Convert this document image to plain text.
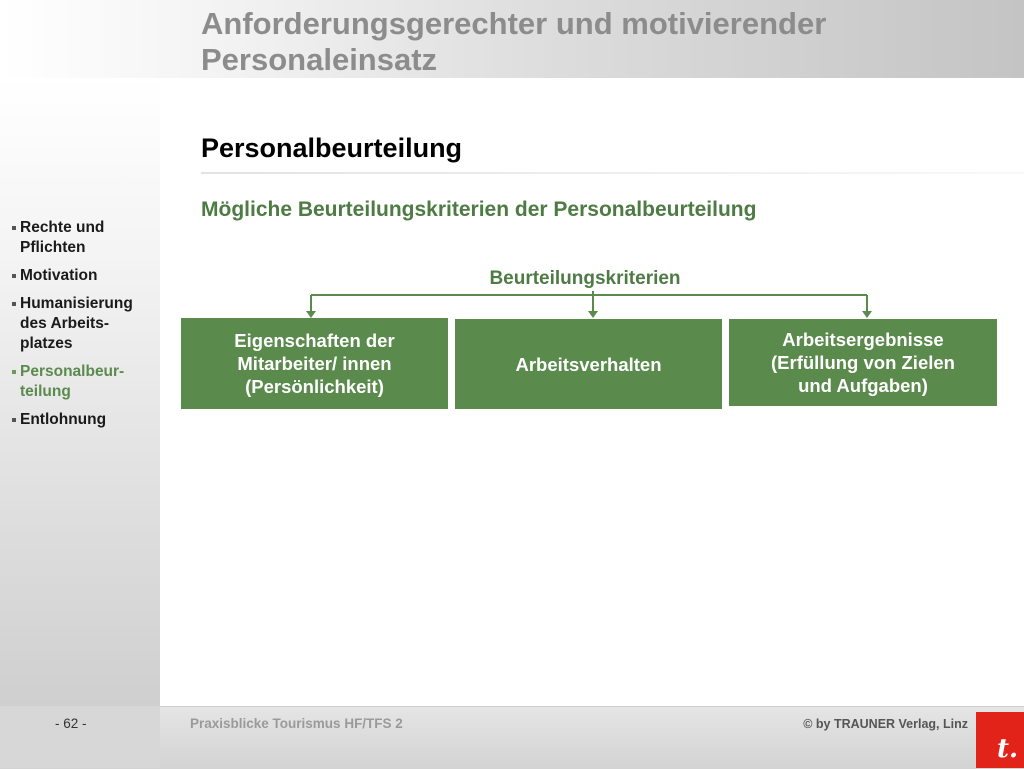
Anforderungsgerechter und motivierender
Personaleinsatz
Rechte und Pflichten
Motivation
Humanisierung des Arbeits-platzes
Personalbeur-teilung
Entlohnung
Personalbeurteilung
Mögliche Beurteilungskriterien der Personalbeurteilung
Beurteilungskriterien
Eigenschaften der
Mitarbeiter/ innen
(Persönlichkeit)
Arbeitsverhalten
Arbeitsergebnisse
(Erfüllung von Zielen
und Aufgaben)
- 62 -	Praxisblicke Tourismus HF/TFS 2	© by TRAUNER Verlag, Linz
t.
